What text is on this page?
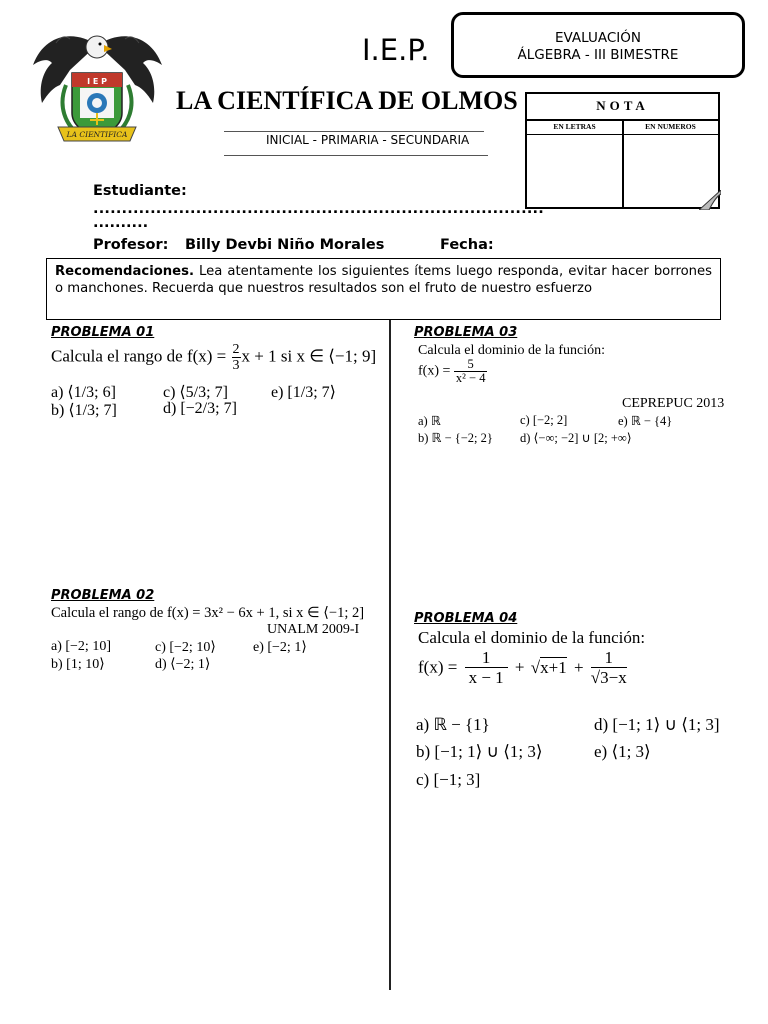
I E P
LA CIENTIFICA
I.E.P.	EVALUACIÓN
ÁLGEBRA - III BIMESTRE
LA CIENTÍFICA DE OLMOS
INICIAL - PRIMARIA - SECUNDARIA
NOTA
EN LETRAS	EN NUMEROS
Estudiante:
...............................................................................
..........
Profesor: Billy Devbi Niño Morales	Fecha:
Recomendaciones. Lea atentamente los siguientes ítems luego responda, evitar hacer borrones o manchones. Recuerda que nuestros resultados son el fruto de nuestro esfuerzo
PROBLEMA 01
Calcula el rango de $f(x) = \frac{2}{3}$ x + 1 si x ∈ ⟨−1; 9]
a) ⟨1/3; 6]
b) ⟨1/3; 7]
c) ⟨5/3; 7]
d) [−2/3; 7]
e) [1/3; 7⟩
PROBLEMA 02
Calcula el rango de f(x) = 3x² − 6x + 1, si x ∈ ⟨−1; 2]
UNALM 2009-I
a) [−2; 10]
b) [1; 10⟩
c) [−2; 10⟩
d) ⟨−2; 1⟩
e) [−2; 1⟩
PROBLEMA 03
Calcula el dominio de la función:
$f(x) = \frac{5}{\text{x² − 4}}$
CEPREPUC 2013
a) ℝ
b) ℝ − {−2; 2}
c) [−2; 2]
d) ⟨−∞; −2] ∪ [2; +∞⟩
e) ℝ − {4}
PROBLEMA 04
Calcula el dominio de la función:
$f(x) = \frac{1}{x - 1} + √x+1 + \frac{1}{√3-x}$
a) ℝ − {1}
b) [−1; 1⟩ ∪ ⟨1; 3⟩
c) [−1; 3]
d) [−1; 1⟩ ∪ ⟨1; 3]
e) ⟨1; 3⟩
